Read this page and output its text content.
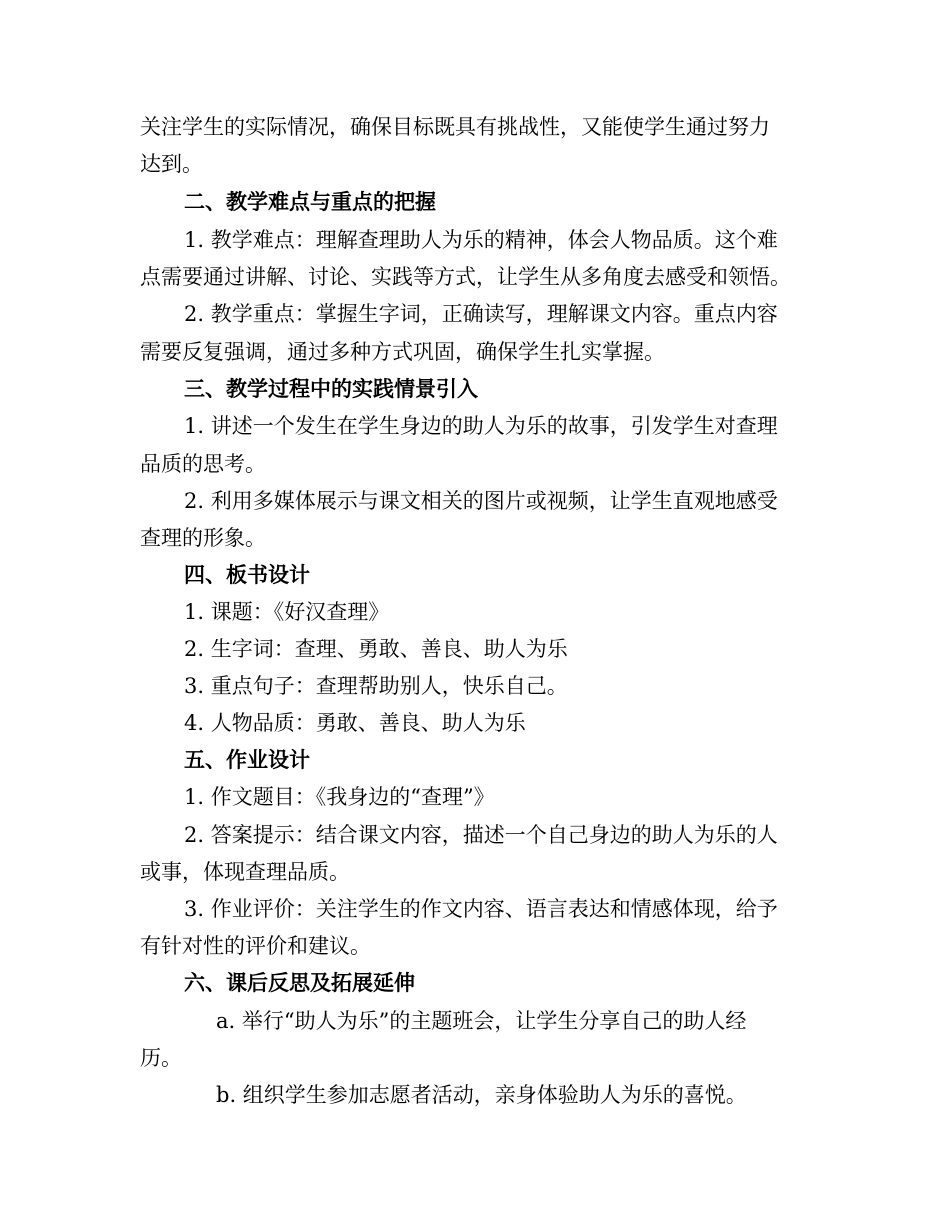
关注学生的实际情况，确保目标既具有挑战性，又能使学生通过努力
达到。
二、教学难点与重点的把握
1. 教学难点：理解查理助人为乐的精神，体会人物品质。这个难
点需要通过讲解、讨论、实践等方式，让学生从多角度去感受和领悟。
2. 教学重点：掌握生字词，正确读写，理解课文内容。重点内容
需要反复强调，通过多种方式巩固，确保学生扎实掌握。
三、教学过程中的实践情景引入
1. 讲述一个发生在学生身边的助人为乐的故事，引发学生对查理
品质的思考。
2. 利用多媒体展示与课文相关的图片或视频，让学生直观地感受
查理的形象。
四、板书设计
1. 课题：《好汉查理》
2. 生字词：查理、勇敢、善良、助人为乐
3. 重点句子：查理帮助别人，快乐自己。
4. 人物品质：勇敢、善良、助人为乐
五、作业设计
1. 作文题目：《我身边的“查理”》
2. 答案提示：结合课文内容，描述一个自己身边的助人为乐的人
或事，体现查理品质。
3. 作业评价：关注学生的作文内容、语言表达和情感体现，给予
有针对性的评价和建议。
六、课后反思及拓展延伸
a. 举行“助人为乐”的主题班会，让学生分享自己的助人经
历。
b. 组织学生参加志愿者活动，亲身体验助人为乐的喜悦。
